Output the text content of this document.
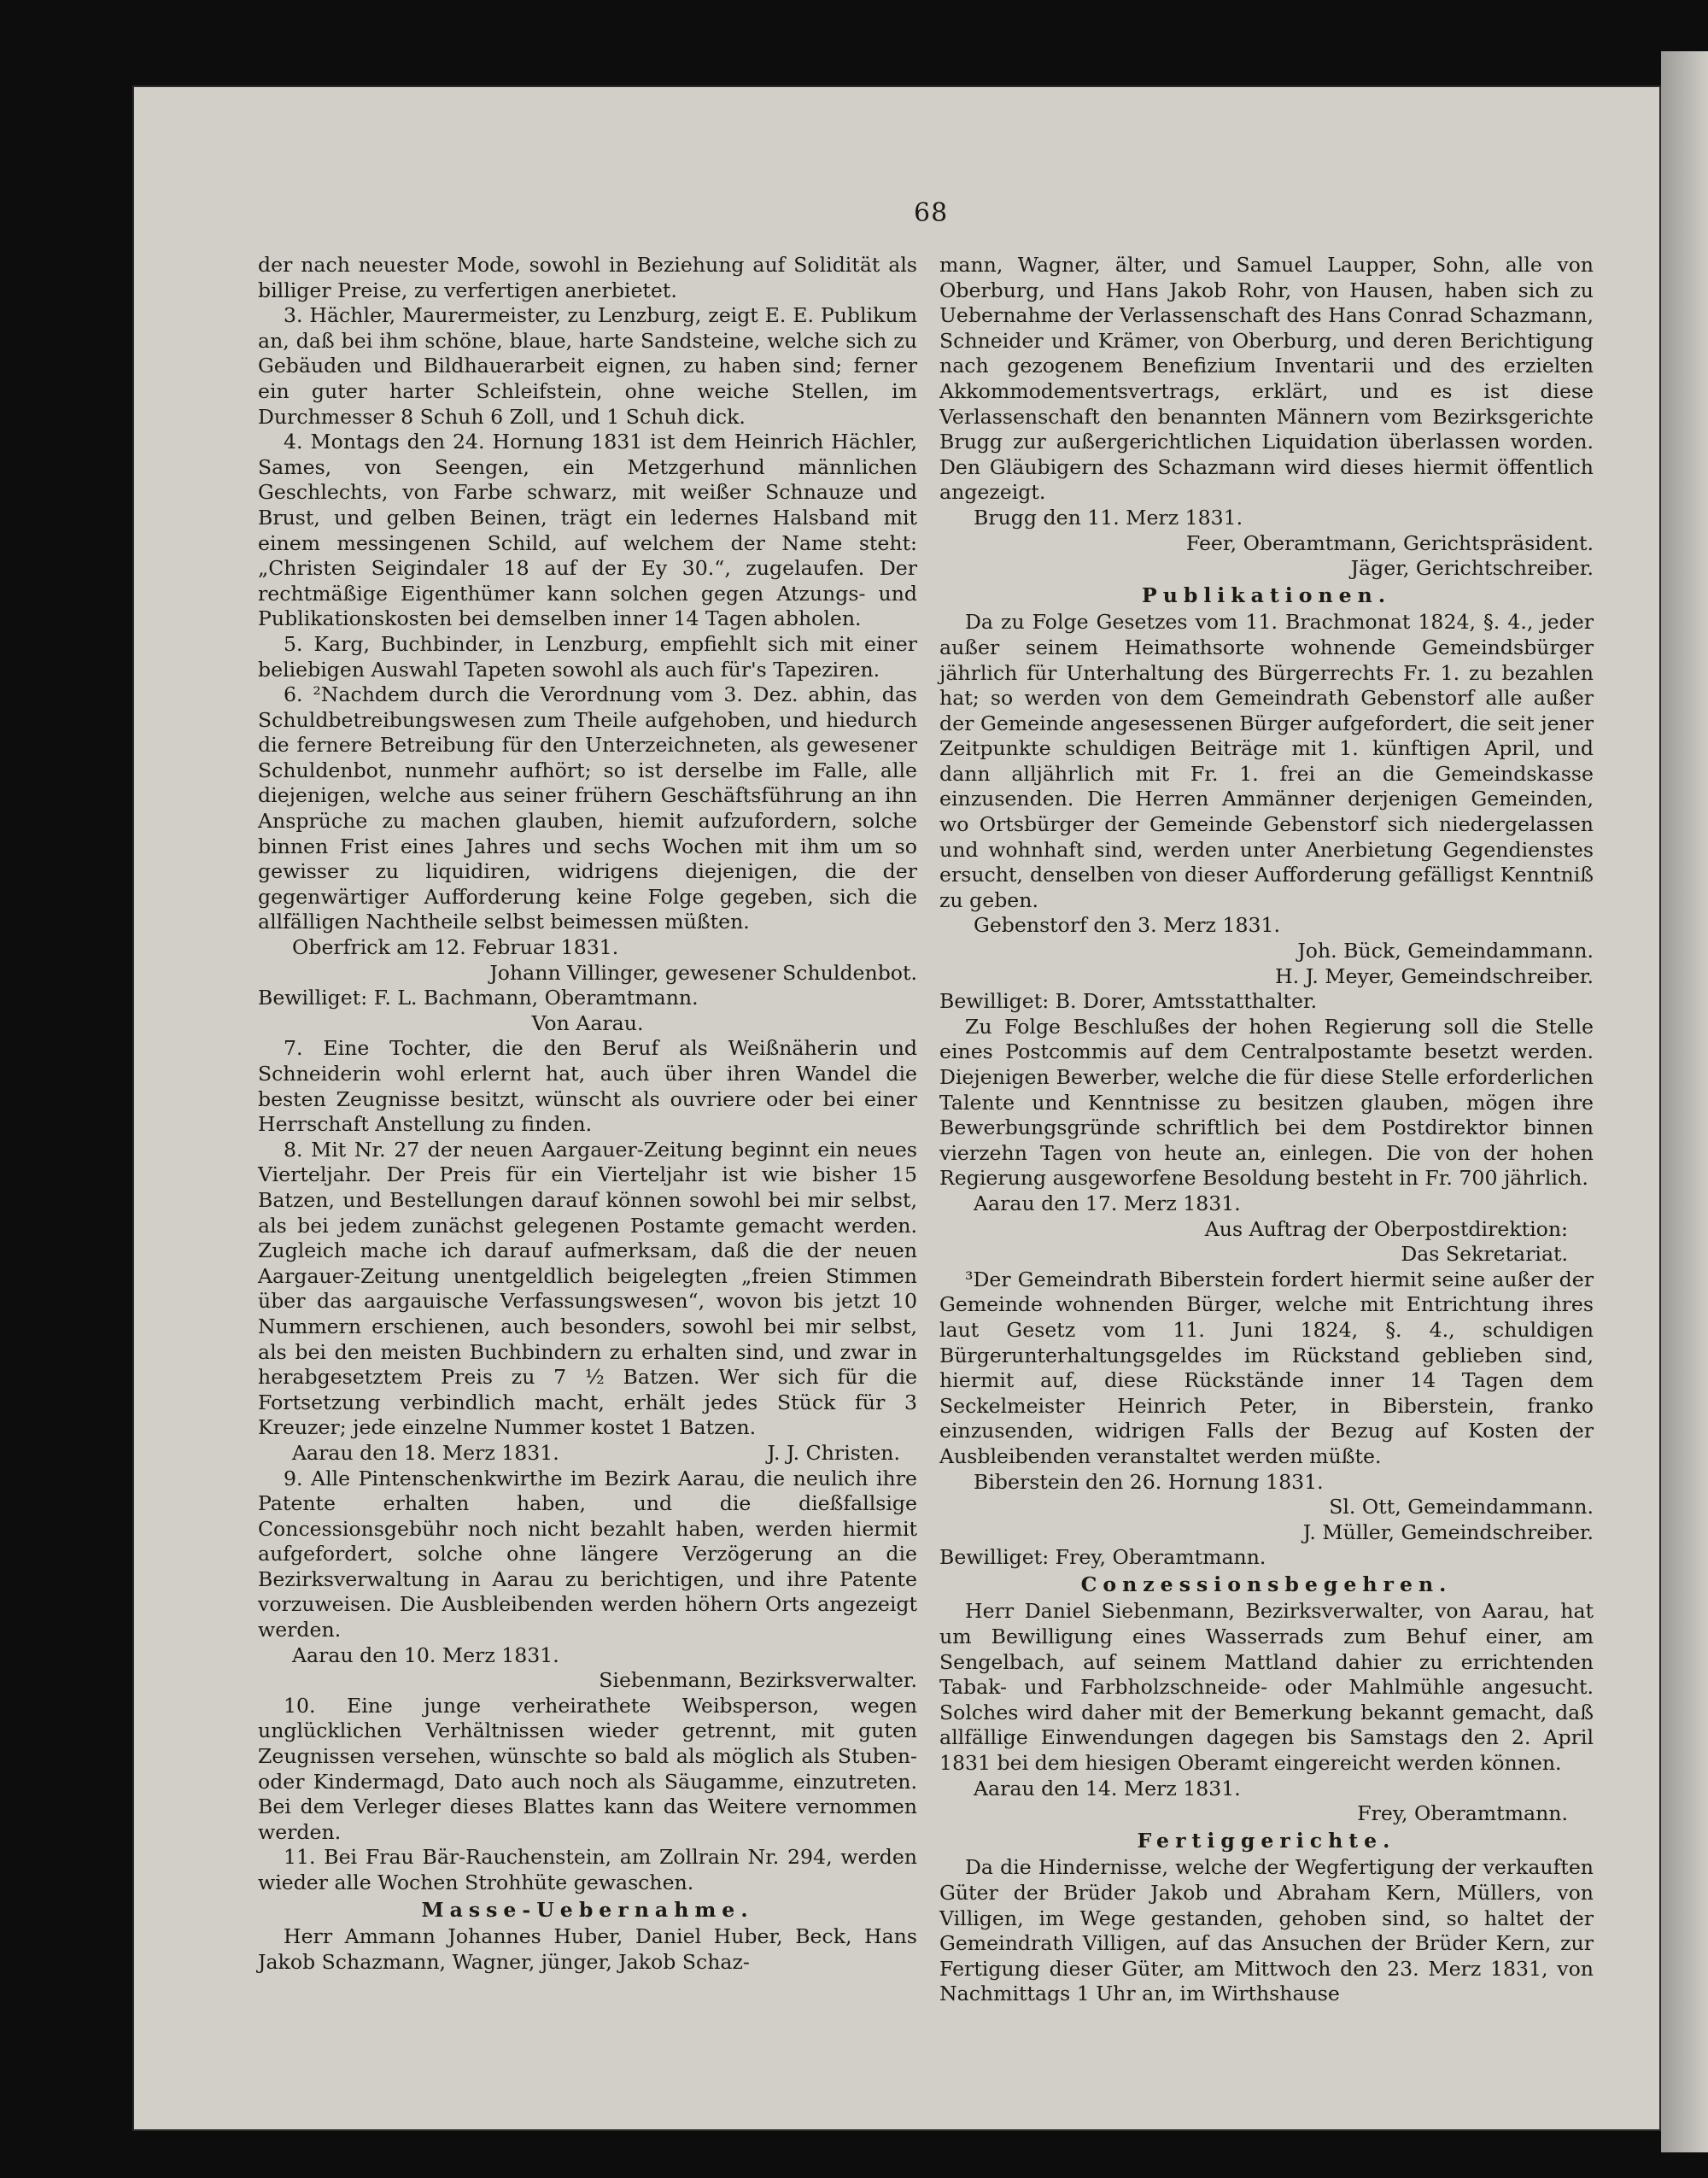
68

der nach neuester Mode, sowohl in Beziehung auf Solidität als billiger Preise, zu verfertigen anerbietet.

3. Hächler, Maurermeister, zu Lenzburg, zeigt E. E. Publikum an, daß bei ihm schöne, blaue, harte Sandsteine, welche sich zu Gebäuden und Bildhauerarbeit eignen, zu haben sind; ferner ein guter harter Schleifstein, ohne weiche Stellen, im Durchmesser 8 Schuh 6 Zoll, und 1 Schuh dick.

4. Montags den 24. Hornung 1831 ist dem Heinrich Hächler, Sames, von Seengen, ein Metzgerhund männlichen Geschlechts, von Farbe schwarz, mit weißer Schnauze und Brust, und gelben Beinen, trägt ein ledernes Halsband mit einem messingenen Schild, auf welchem der Name steht: „Christen Seigindaler 18 auf der Ey 30.“, zugelaufen. Der rechtmäßige Eigenthümer kann solchen gegen Atzungs- und Publikationskosten bei demselben inner 14 Tagen abholen.

5. Karg, Buchbinder, in Lenzburg, empfiehlt sich mit einer beliebigen Auswahl Tapeten sowohl als auch für's Tapeziren.

6. ²Nachdem durch die Verordnung vom 3. Dez. abhin, das Schuldbetreibungswesen zum Theile aufgehoben, und hiedurch die fernere Betreibung für den Unterzeichneten, als gewesener Schuldenbot, nunmehr aufhört; so ist derselbe im Falle, alle diejenigen, welche aus seiner frühern Geschäftsführung an ihn Ansprüche zu machen glauben, hiemit aufzufordern, solche binnen Frist eines Jahres und sechs Wochen mit ihm um so gewisser zu liquidiren, widrigens diejenigen, die der gegenwärtiger Aufforderung keine Folge gegeben, sich die allfälligen Nachtheile selbst beimessen müßten.

Oberfrick am 12. Februar 1831.

Johann Villinger, gewesener Schuldenbot.

Bewilliget: F. L. Bachmann, Oberamtmann.

Von Aarau.

7. Eine Tochter, die den Beruf als Weißnäherin und Schneiderin wohl erlernt hat, auch über ihren Wandel die besten Zeugnisse besitzt, wünscht als ouvriere oder bei einer Herrschaft Anstellung zu finden.

8. Mit Nr. 27 der neuen Aargauer-Zeitung beginnt ein neues Vierteljahr. Der Preis für ein Vierteljahr ist wie bisher 15 Batzen, und Bestellungen darauf können sowohl bei mir selbst, als bei jedem zunächst gelegenen Postamte gemacht werden. Zugleich mache ich darauf aufmerksam, daß die der neuen Aargauer-Zeitung unentgeldlich beigelegten „freien Stimmen über das aargauische Verfassungswesen“, wovon bis jetzt 10 Nummern erschienen, auch besonders, sowohl bei mir selbst, als bei den meisten Buchbindern zu erhalten sind, und zwar in herabgesetztem Preis zu 7 ½ Batzen. Wer sich für die Fortsetzung verbindlich macht, erhält jedes Stück für 3 Kreuzer; jede einzelne Nummer kostet 1 Batzen.

Aarau den 18. Merz 1831.	J. J. Christen.

9. Alle Pintenschenkwirthe im Bezirk Aarau, die neulich ihre Patente erhalten haben, und die dießfallsige Concessionsgebühr noch nicht bezahlt haben, werden hiermit aufgefordert, solche ohne längere Verzögerung an die Bezirksverwaltung in Aarau zu berichtigen, und ihre Patente vorzuweisen. Die Ausbleibenden werden höhern Orts angezeigt werden.

Aarau den 10. Merz 1831.

Siebenmann, Bezirksverwalter.

10. Eine junge verheirathete Weibsperson, wegen unglücklichen Verhältnissen wieder getrennt, mit guten Zeugnissen versehen, wünschte so bald als möglich als Stuben- oder Kindermagd, Dato auch noch als Säugamme, einzutreten. Bei dem Verleger dieses Blattes kann das Weitere vernommen werden.

11. Bei Frau Bär-Rauchenstein, am Zollrain Nr. 294, werden wieder alle Wochen Strohhüte gewaschen.

Masse-Uebernahme.

Herr Ammann Johannes Huber, Daniel Huber, Beck, Hans Jakob Schazmann, Wagner, jünger, Jakob Schaz-

mann, Wagner, älter, und Samuel Laupper, Sohn, alle von Oberburg, und Hans Jakob Rohr, von Hausen, haben sich zu Uebernahme der Verlassenschaft des Hans Conrad Schazmann, Schneider und Krämer, von Oberburg, und deren Berichtigung nach gezogenem Benefizium Inventarii und des erzielten Akkommodementsvertrags, erklärt, und es ist diese Verlassenschaft den benannten Männern vom Bezirksgerichte Brugg zur außergerichtlichen Liquidation überlassen worden. Den Gläubigern des Schazmann wird dieses hiermit öffentlich angezeigt.

Brugg den 11. Merz 1831.

Feer, Oberamtmann, Gerichtspräsident.

Jäger, Gerichtschreiber.

Publikationen.

Da zu Folge Gesetzes vom 11. Brachmonat 1824, §. 4., jeder außer seinem Heimathsorte wohnende Gemeindsbürger jährlich für Unterhaltung des Bürgerrechts Fr. 1. zu bezahlen hat; so werden von dem Gemeindrath Gebenstorf alle außer der Gemeinde angesessenen Bürger aufgefordert, die seit jener Zeitpunkte schuldigen Beiträge mit 1. künftigen April, und dann alljährlich mit Fr. 1. frei an die Gemeindskasse einzusenden. Die Herren Ammänner derjenigen Gemeinden, wo Ortsbürger der Gemeinde Gebenstorf sich niedergelassen und wohnhaft sind, werden unter Anerbietung Gegendienstes ersucht, denselben von dieser Aufforderung gefälligst Kenntniß zu geben.

Gebenstorf den 3. Merz 1831.

Joh. Bück, Gemeindammann.

H. J. Meyer, Gemeindschreiber.

Bewilliget: B. Dorer, Amtsstatthalter.

Zu Folge Beschlußes der hohen Regierung soll die Stelle eines Postcommis auf dem Centralpostamte besetzt werden. Diejenigen Bewerber, welche die für diese Stelle erforderlichen Talente und Kenntnisse zu besitzen glauben, mögen ihre Bewerbungsgründe schriftlich bei dem Postdirektor binnen vierzehn Tagen von heute an, einlegen. Die von der hohen Regierung ausgeworfene Besoldung besteht in Fr. 700 jährlich.

Aarau den 17. Merz 1831.

Aus Auftrag der Oberpostdirektion:

Das Sekretariat.

³Der Gemeindrath Biberstein fordert hiermit seine außer der Gemeinde wohnenden Bürger, welche mit Entrichtung ihres laut Gesetz vom 11. Juni 1824, §. 4., schuldigen Bürgerunterhaltungsgeldes im Rückstand geblieben sind, hiermit auf, diese Rückstände inner 14 Tagen dem Seckelmeister Heinrich Peter, in Biberstein, franko einzusenden, widrigen Falls der Bezug auf Kosten der Ausbleibenden veranstaltet werden müßte.

Biberstein den 26. Hornung 1831.

Sl. Ott, Gemeindammann.

J. Müller, Gemeindschreiber.

Bewilliget: Frey, Oberamtmann.

Conzessionsbegehren.

Herr Daniel Siebenmann, Bezirksverwalter, von Aarau, hat um Bewilligung eines Wasserrads zum Behuf einer, am Sengelbach, auf seinem Mattland dahier zu errichtenden Tabak- und Farbholzschneide- oder Mahlmühle angesucht. Solches wird daher mit der Bemerkung bekannt gemacht, daß allfällige Einwendungen dagegen bis Samstags den 2. April 1831 bei dem hiesigen Oberamt eingereicht werden können.

Aarau den 14. Merz 1831.

Frey, Oberamtmann.

Fertiggerichte.

Da die Hindernisse, welche der Wegfertigung der verkauften Güter der Brüder Jakob und Abraham Kern, Müllers, von Villigen, im Wege gestanden, gehoben sind, so haltet der Gemeindrath Villigen, auf das Ansuchen der Brüder Kern, zur Fertigung dieser Güter, am Mittwoch den 23. Merz 1831, von Nachmittags 1 Uhr an, im Wirthshause
